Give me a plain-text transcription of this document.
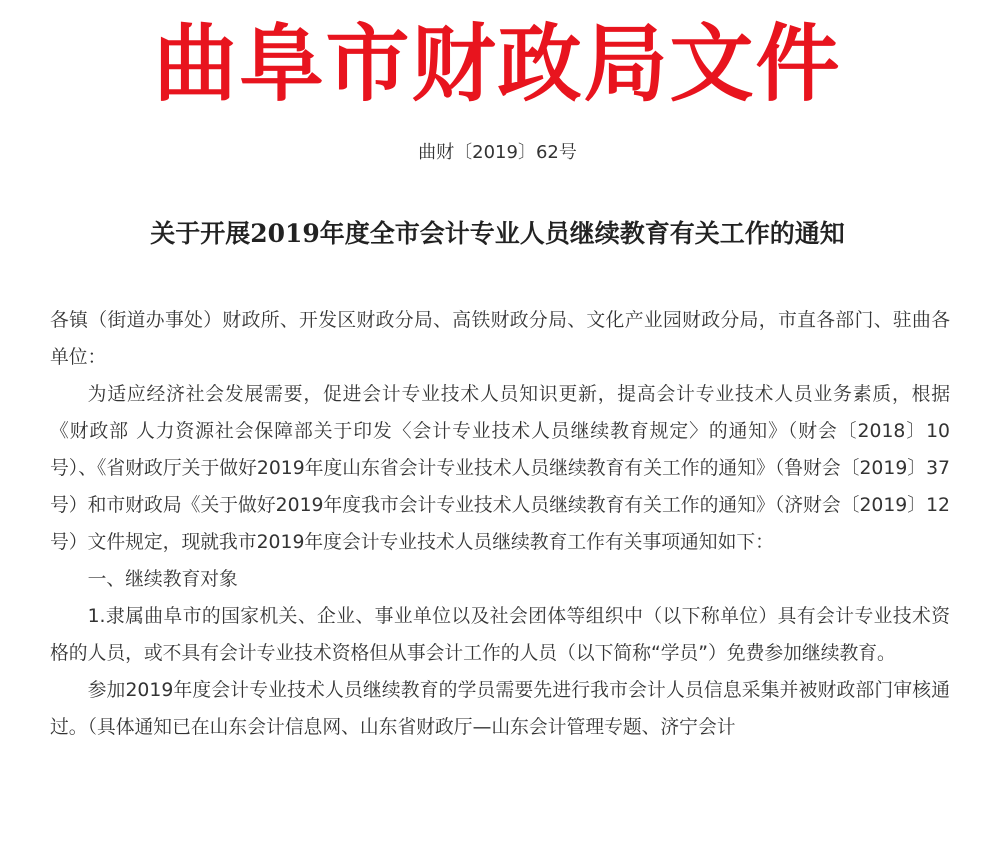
曲阜市财政局文件
曲财〔2019〕62号
关于开展2019年度全市会计专业人员继续教育有关工作的通知

各镇（街道办事处）财政所、开发区财政分局、高铁财政分局、文化产业园财政分局，市直各部门、驻曲各单位：

为适应经济社会发展需要，促进会计专业技术人员知识更新，提高会计专业技术人员业务素质，根据《财政部 人力资源社会保障部关于印发〈会计专业技术人员继续教育规定〉的通知》（财会〔2018〕10号）、《省财政厅关于做好2019年度山东省会计专业技术人员继续教育有关工作的通知》（鲁财会〔2019〕37号）和市财政局《关于做好2019年度我市会计专业技术人员继续教育有关工作的通知》（济财会〔2019〕12号）文件规定，现就我市2019年度会计专业技术人员继续教育工作有关事项通知如下：

一、继续教育对象

1.隶属曲阜市的国家机关、企业、事业单位以及社会团体等组织中（以下称单位）具有会计专业技术资格的人员，或不具有会计专业技术资格但从事会计工作的人员（以下简称“学员”）免费参加继续教育。

参加2019年度会计专业技术人员继续教育的学员需要先进行我市会计人员信息采集并被财政部门审核通过。（具体通知已在山东会计信息网、山东省财政厅—山东会计管理专题、济宁会计
